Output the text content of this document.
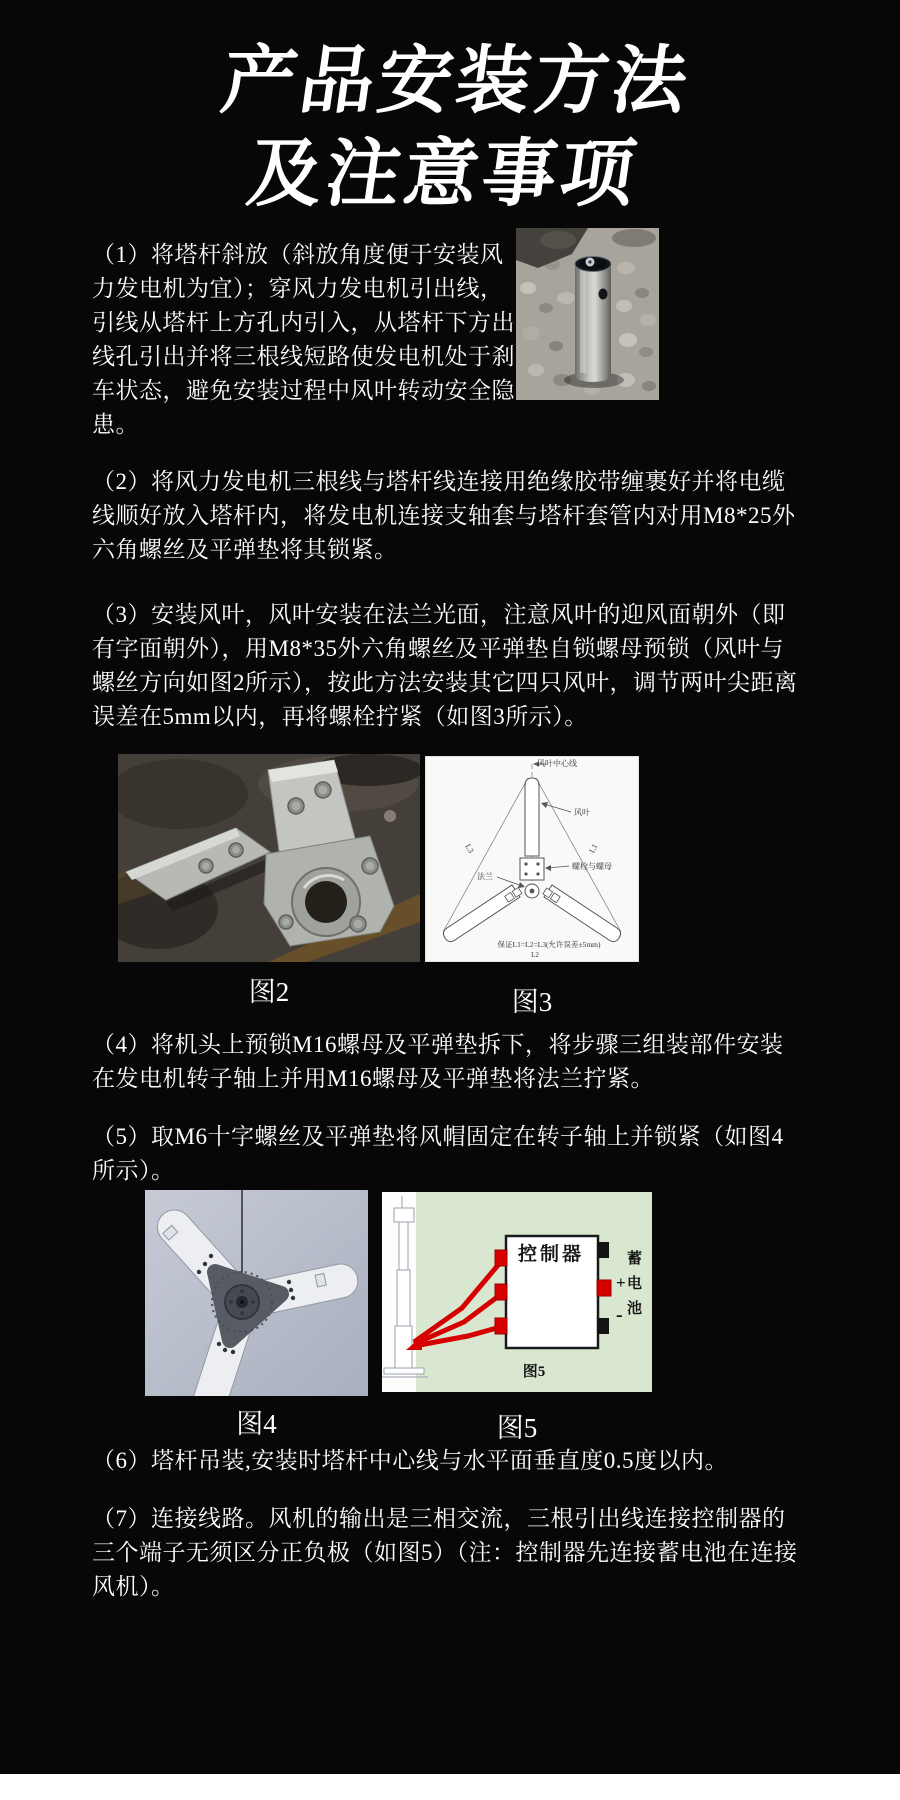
产品安装方法
及注意事项

（1）将塔杆斜放（斜放角度便于安装风力发电机为宜）；穿风力发电机引出线，引线从塔杆上方孔内引入，从塔杆下方出线孔引出并将三根线短路使发电机处于刹车状态，避免安装过程中风叶转动安全隐患。

（2）将风力发电机三根线与塔杆线连接用绝缘胶带缠裹好并将电缆线顺好放入塔杆内，将发电机连接支轴套与塔杆套管内对用M8*25外六角螺丝及平弹垫将其锁紧。

（3）安装风叶，风叶安装在法兰光面，注意风叶的迎风面朝外（即有字面朝外），用M8*35外六角螺丝及平弹垫自锁螺母预锁（风叶与螺丝方向如图2所示），按此方法安装其它四只风叶，调节两叶尖距离误差在5mm以内，再将螺栓拧紧（如图3所示）。

风叶中心线
风叶
螺栓与螺母
法兰
L3	L1
保证L1=L2=L3(允许误差±5mm)
L2
图2	图3

（4）将机头上预锁M16螺母及平弹垫拆下，将步骤三组装部件安装在发电机转子轴上并用M16螺母及平弹垫将法兰拧紧。

（5）取M6十字螺丝及平弹垫将风帽固定在转子轴上并锁紧（如图4所示）。

控制器
+
- 蓄电池
图5
图4	图5

（6）塔杆吊装,安装时塔杆中心线与水平面垂直度0.5度以内。

（7）连接线路。风机的输出是三相交流，三根引出线连接控制器的三个端子无须区分正负极（如图5）（注：控制器先连接蓄电池在连接风机）。
